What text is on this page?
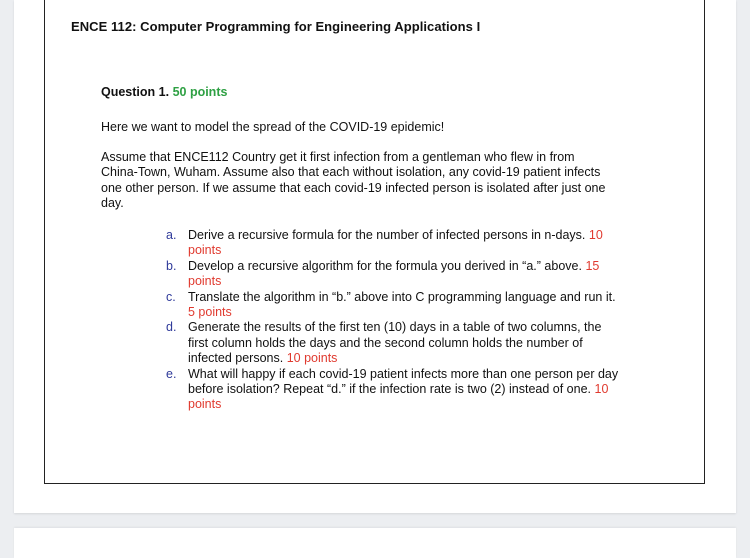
ENCE 112: Computer Programming for Engineering Applications I
Question 1. 50 points
Here we want to model the spread of the COVID-19 epidemic!
Assume that ENCE112 Country get it first infection from a gentleman who flew in from
China-Town, Wuham. Assume also that each without isolation, any covid-19 patient infects
one other person. If we assume that each covid-19 infected person is isolated after just one
day.
a. Derive a recursive formula for the number of infected persons in n-days. 10
points
b. Develop a recursive algorithm for the formula you derived in “a.” above. 15
points
c. Translate the algorithm in “b.” above into C programming language and run it.
5 points
d. Generate the results of the first ten (10) days in a table of two columns, the
first column holds the days and the second column holds the number of
infected persons. 10 points
e. What will happy if each covid-19 patient infects more than one person per day
before isolation? Repeat “d.” if the infection rate is two (2) instead of one. 10
points
